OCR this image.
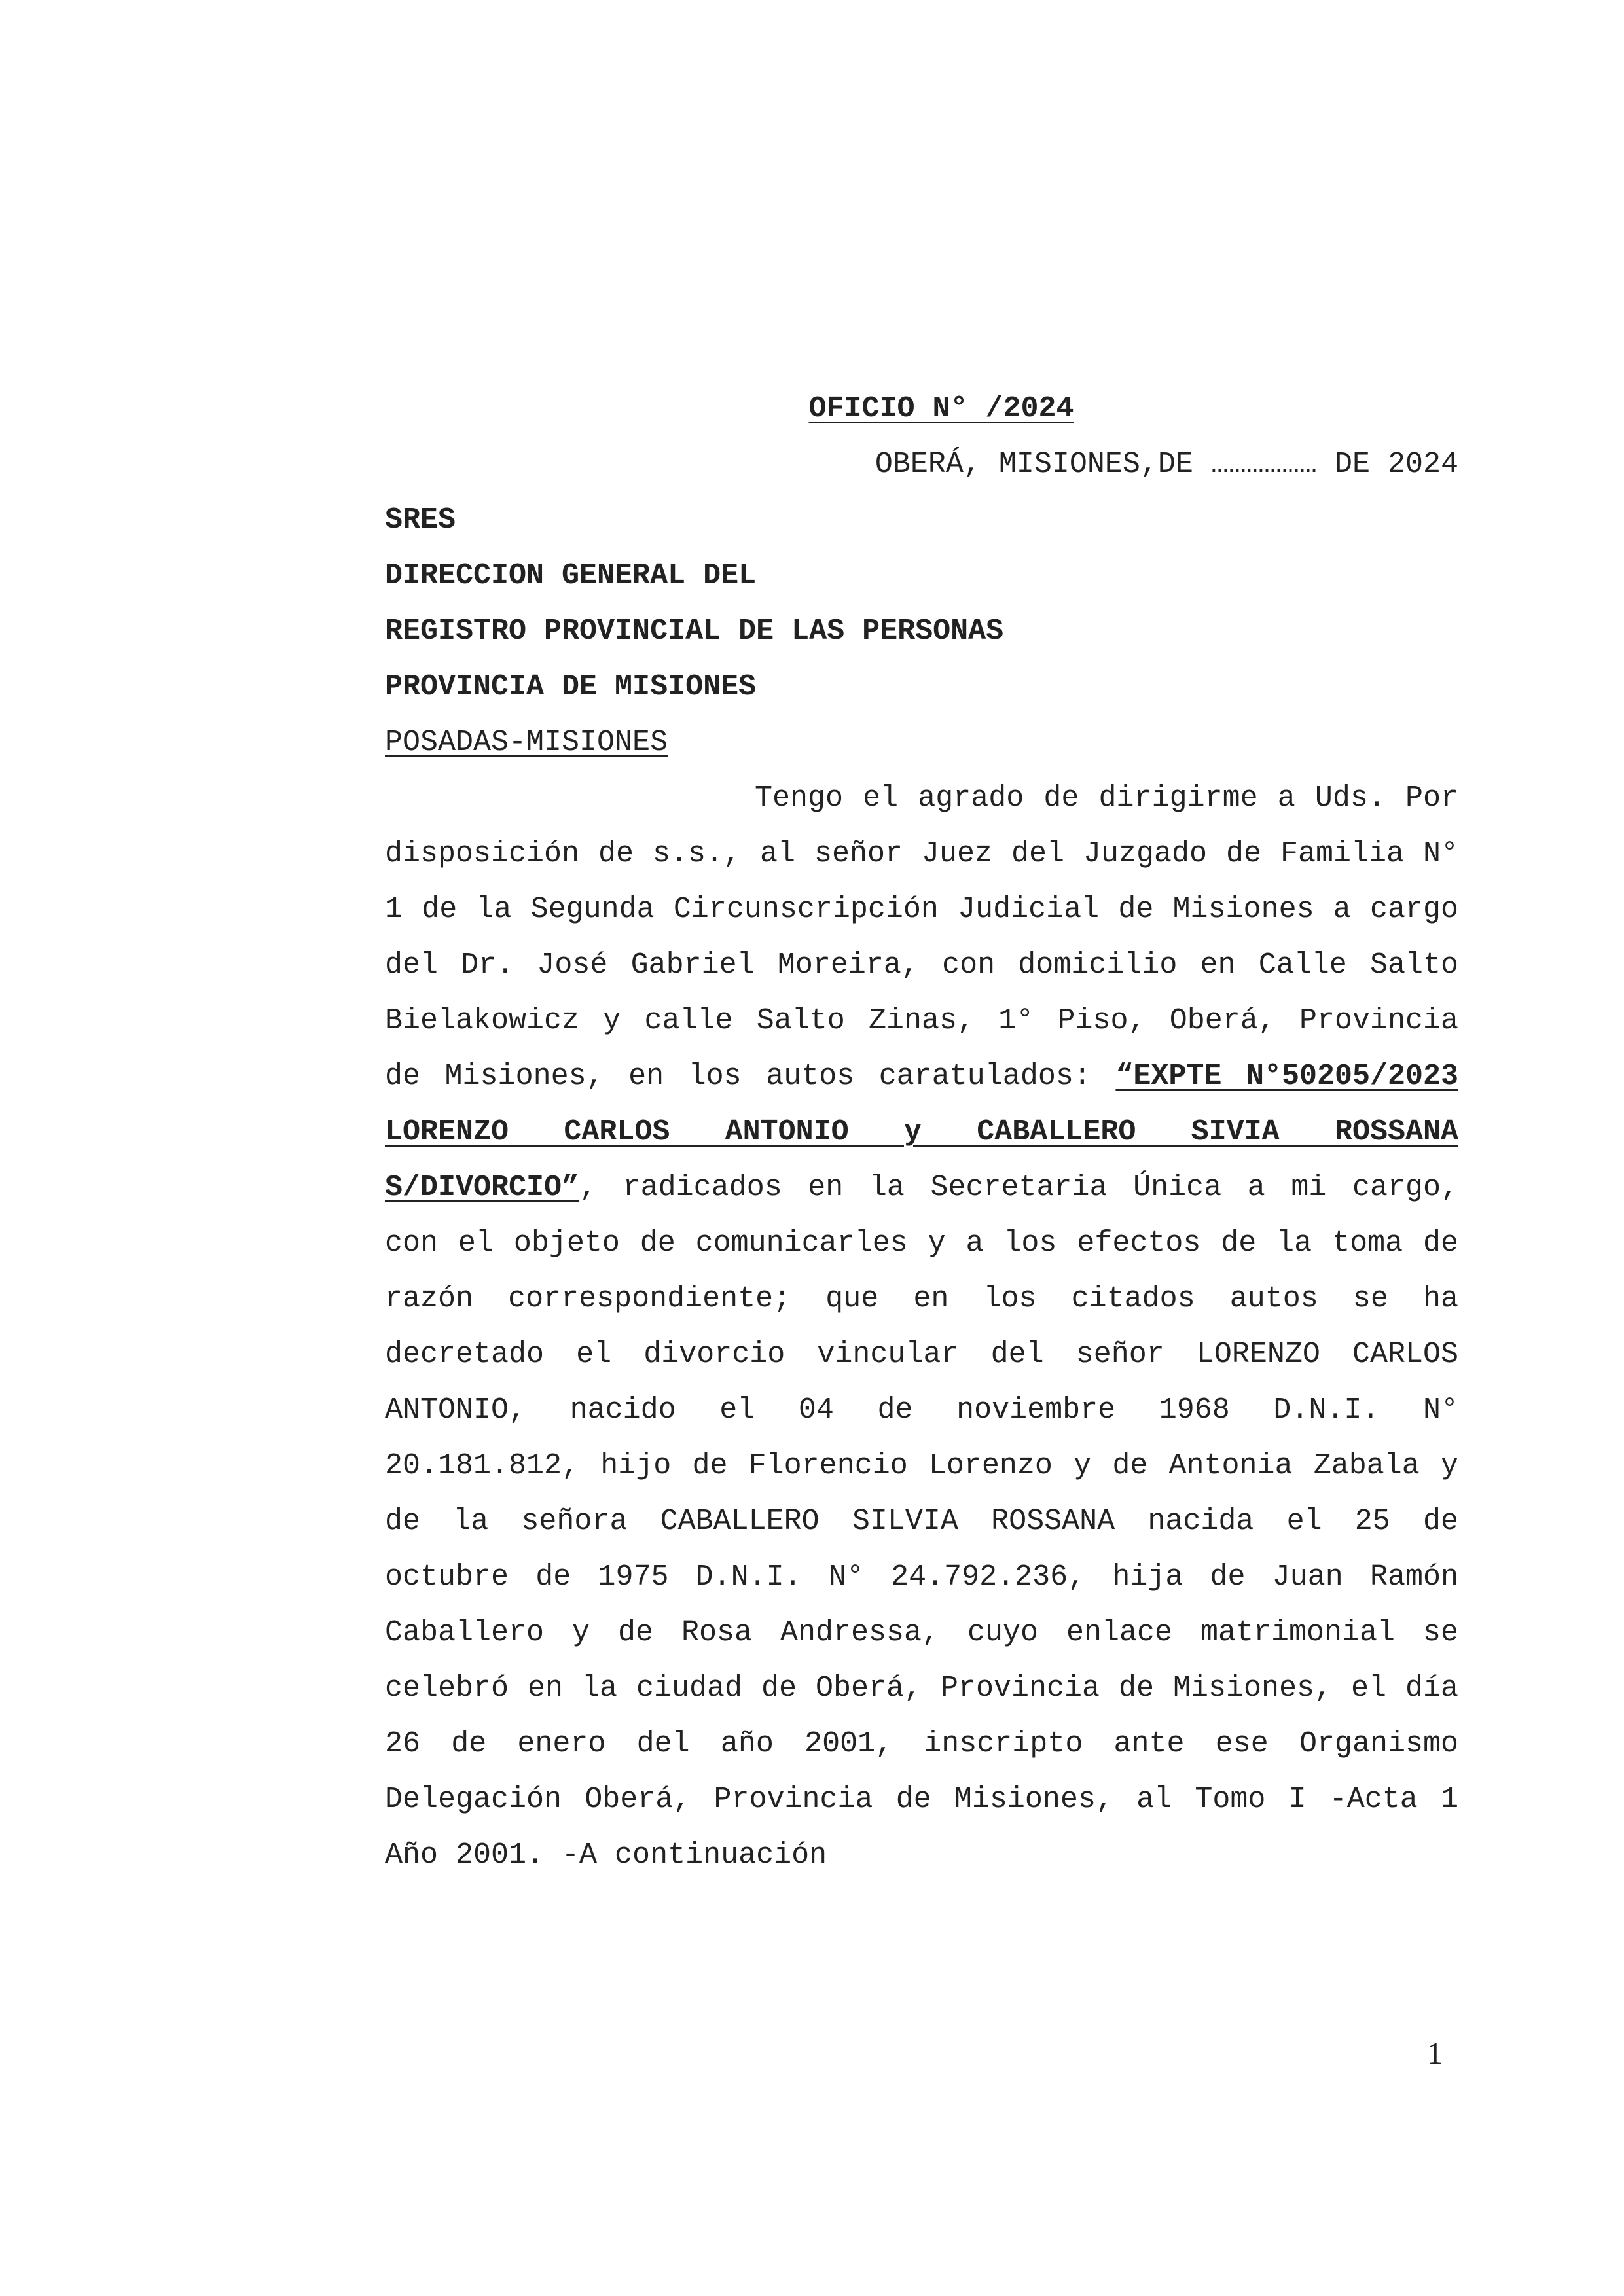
OFICIO N° /2024
OBERÁ, MISIONES,DE ……………… DE 2024
SRES
DIRECCION GENERAL DEL
REGISTRO PROVINCIAL DE LAS PERSONAS
PROVINCIA DE MISIONES
POSADAS-MISIONES

Tengo el agrado de dirigirme a Uds. Por disposición de s.s., al señor Juez del Juzgado de Familia N° 1 de la Segunda Circunscripción Judicial de Misiones a cargo del Dr. José Gabriel Moreira, con domicilio en Calle Salto Bielakowicz y calle Salto Zinas, 1° Piso, Oberá, Provincia de Misiones, en los autos caratulados: “EXPTE N°50205/2023 LORENZO CARLOS ANTONIO y CABALLERO SIVIA ROSSANA S/DIVORCIO”, radicados en la Secretaria Única a mi cargo, con el objeto de comunicarles y a los efectos de la toma de razón correspondiente; que en los citados autos se ha decretado el divorcio vincular del señor LORENZO CARLOS ANTONIO, nacido el 04 de noviembre 1968 D.N.I. N° 20.181.812, hijo de Florencio Lorenzo y de Antonia Zabala y de la señora CABALLERO SILVIA ROSSANA nacida el 25 de octubre de 1975 D.N.I. N° 24.792.236, hija de Juan Ramón Caballero y de Rosa Andressa, cuyo enlace matrimonial se celebró en la ciudad de Oberá, Provincia de Misiones, el día 26 de enero del año 2001, inscripto ante ese Organismo Delegación Oberá, Provincia de Misiones, al Tomo I -Acta 1 Año 2001. -A continuación

1
